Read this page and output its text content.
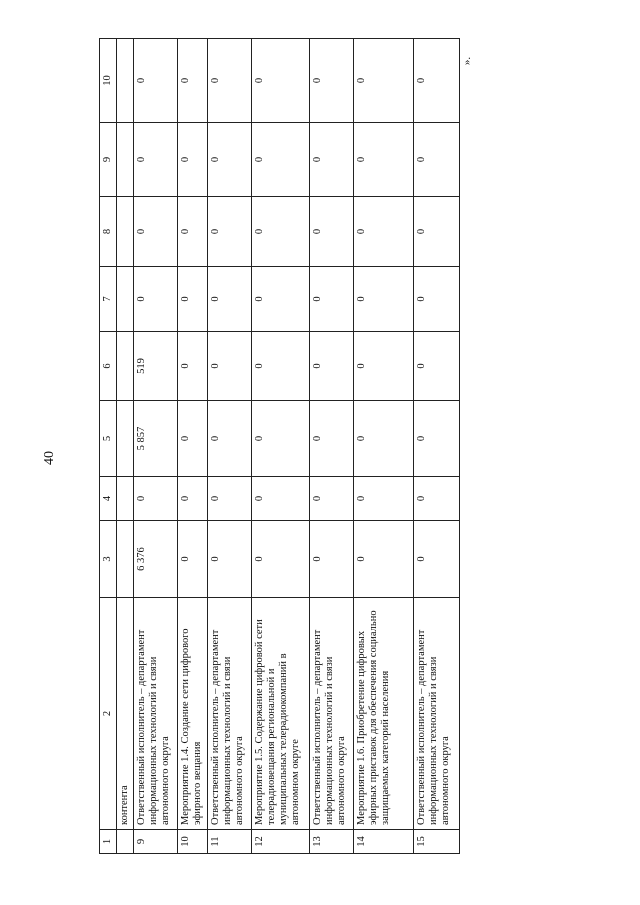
40
».
1	2	3	4	5	6	7	8	9	10
	контента								
9	Ответственный исполнитель – департамент информационных технологий и связи автономного округа	6 376	0	5 857	519	0	0	0	0
10	Мероприятие 1.4. Создание сети цифрового эфирного вещания	0	0	0	0	0	0	0	0
11	Ответственный исполнитель – департамент информационных технологий и связи автономного округа	0	0	0	0	0	0	0	0
12	Мероприятие 1.5. Содержание цифровой сети телерадиовещания региональной и муниципальных телерадиокомпаний в автономном округе	0	0	0	0	0	0	0	0
13	Ответственный исполнитель – департамент информационных технологий и связи автономного округа	0	0	0	0	0	0	0	0
14	Мероприятие 1.6. Приобретение цифровых эфирных приставок для обеспечения социально защищаемых категорий населения	0	0	0	0	0	0	0	0
15	Ответственный исполнитель – департамент информационных технологий и связи автономного округа	0	0	0	0	0	0	0	0
